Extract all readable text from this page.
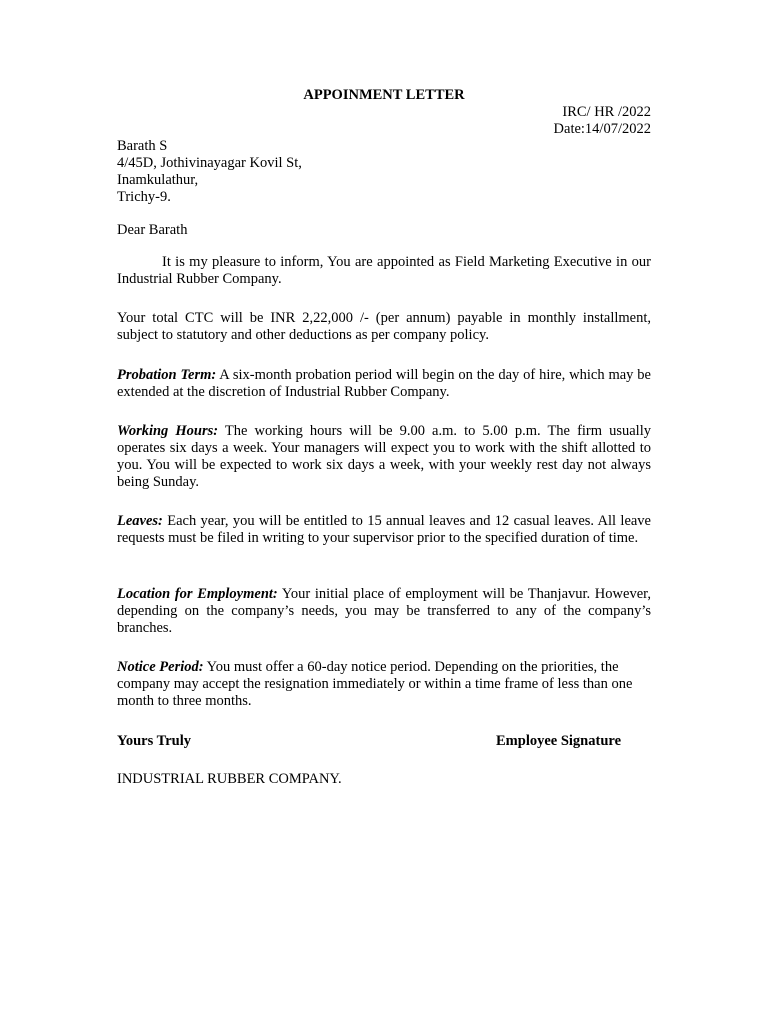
APPOINMENT LETTER
IRC/ HR /2022
Date:14/07/2022
Barath S
4/45D, Jothivinayagar Kovil St,
Inamkulathur,
Trichy-9.

Dear Barath

It is my pleasure to inform, You are appointed as Field Marketing Executive in our Industrial Rubber Company.

Your total CTC will be INR 2,22,000 /- (per annum) payable in monthly installment, subject to statutory and other deductions as per company policy.

Probation Term: A six-month probation period will begin on the day of hire, which may be extended at the discretion of Industrial Rubber Company.

Working Hours: The working hours will be 9.00 a.m. to 5.00 p.m. The firm usually operates six days a week. Your managers will expect you to work with the shift allotted to you. You will be expected to work six days a week, with your weekly rest day not always being Sunday.

Leaves: Each year, you will be entitled to 15 annual leaves and 12 casual leaves. All leave requests must be filed in writing to your supervisor prior to the specified duration of time.

Location for Employment: Your initial place of employment will be Thanjavur. However, depending on the company’s needs, you may be transferred to any of the company’s branches.

Notice Period: You must offer a 60-day notice period. Depending on the priorities, the company may accept the resignation immediately or within a time frame of less than one month to three months.

Yours Truly	Employee Signature

INDUSTRIAL RUBBER COMPANY.
